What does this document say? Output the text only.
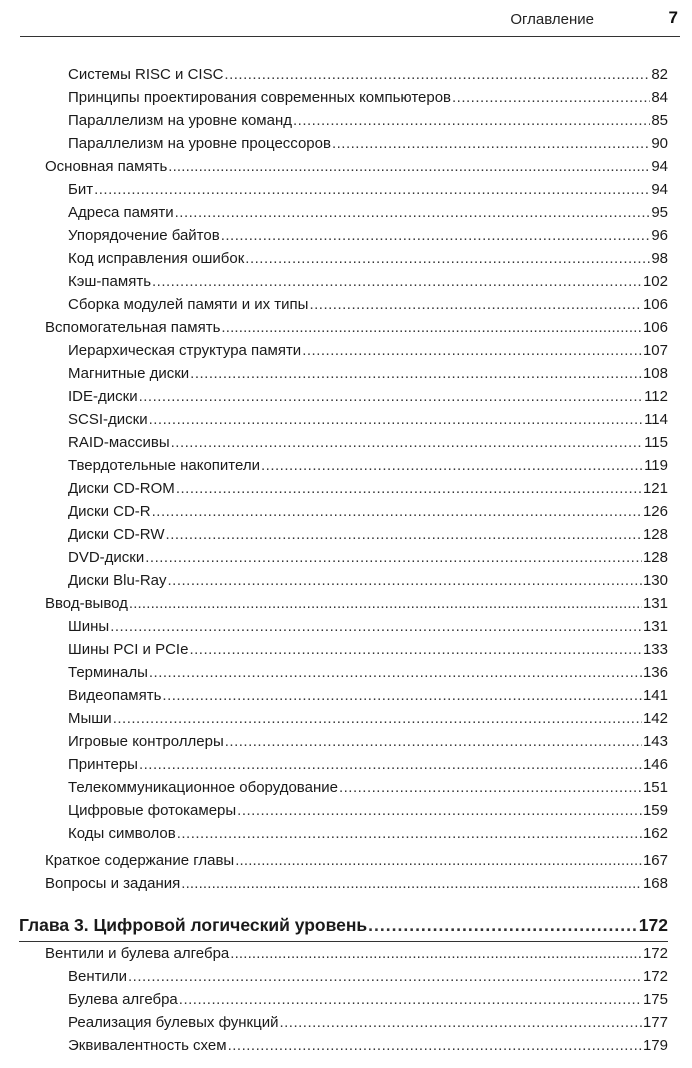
Оглавление	7
Системы RISC и CISC .....	82
Принципы проектирования современных компьютеров .....	84
Параллелизм на уровне команд .....	85
Параллелизм на уровне процессоров .....	90
Основная память . . .	94
Бит .....	94
Адреса памяти .....	95
Упорядочение байтов .....	96
Код исправления ошибок .....	98
Кэш-память .....	102
Сборка модулей памяти и их типы .....	106
Вспомогательная память . . .	106
Иерархическая структура памяти .....	107
Магнитные диски .....	108
IDE-диски .....	112
SCSI-диски .....	114
RAID-массивы .....	115
Твердотельные накопители .....	119
Диски CD-ROM .....	121
Диски CD-R .....	126
Диски CD-RW .....	128
DVD-диски .....	128
Диски Blu-Ray .....	130
Ввод-вывод . . .	131
Шины .....	131
Шины PCI и PCIe .....	133
Терминалы .....	136
Видеопамять .....	141
Мыши .....	142
Игровые контроллеры .....	143
Принтеры .....	146
Телекоммуникационное оборудование .....	151
Цифровые фотокамеры .....	159
Коды символов .....	162
Краткое содержание главы . . .	167
Вопросы и задания . . .	168
Глава 3. Цифровой логический уровень .....	172
Вентили и булева алгебра . . .	172
Вентили .....	172
Булева алгебра .....	175
Реализация булевых функций .....	177
Эквивалентность схем .....	179
